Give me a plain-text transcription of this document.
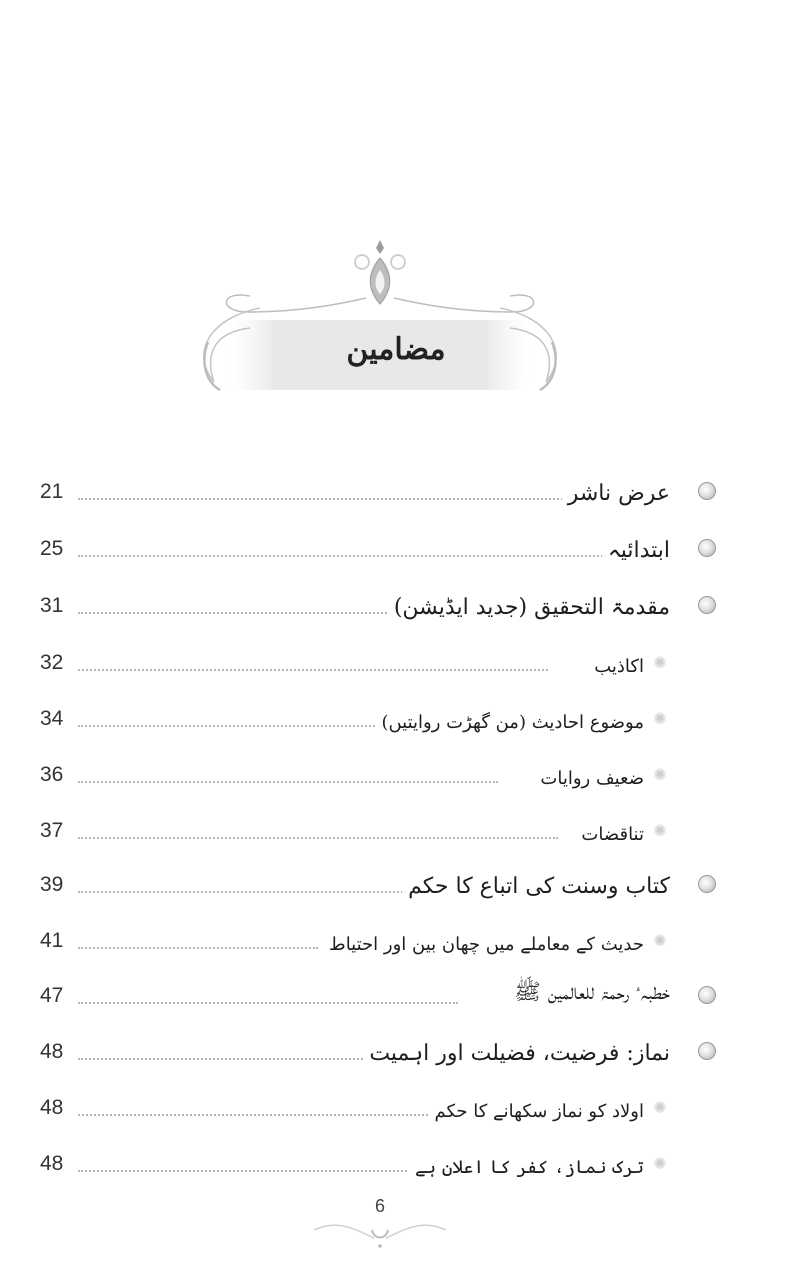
مضامین
21	عرض ناشر
25	ابتدائیہ
31	مقدمۃ التحقیق (جدید ایڈیشن)
32	اکاذیب ✺
34	موضوع احادیث (من گھڑت روایتیں) ✺
36	ضعیف روایات ✺
37	تناقضات ✺
39	کتاب وسنت کی اتباع کا حکم
41	حدیث کے معاملے میں چھان بین اور احتیاط ✺
47	خطبہٴ رحمۃ للعالمین ﷺ
48	نماز: فرضیت، فضیلت اور اہمیت
48	اولاد کو نماز سکھانے کا حکم ✺
48	ترک نماز، کفر کا اعلان ہے ✺
6
